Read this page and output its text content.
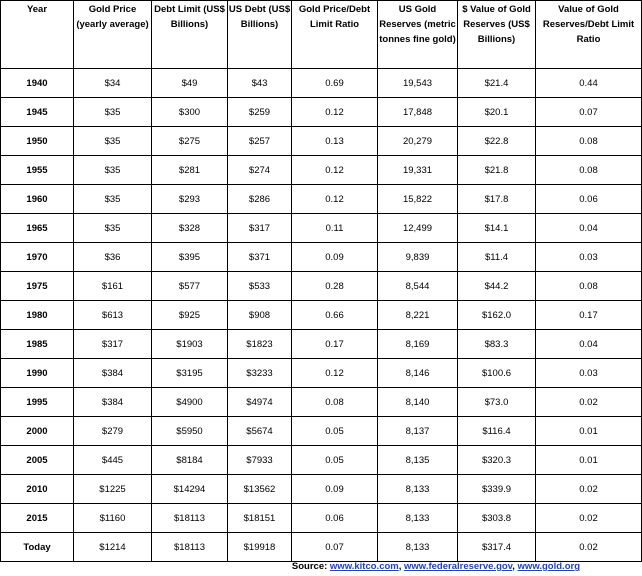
Year	Gold Price (yearly average)	Debt Limit (US$ Billions)	US Debt (US$ Billions)	Gold Price/Debt Limit Ratio	US Gold Reserves (metric tonnes fine gold)	$ Value of Gold Reserves (US$ Billions)	Value of Gold Reserves/Debt Limit Ratio
1940	$34	$49	$43	0.69	19,543	$21.4	0.44
1945	$35	$300	$259	0.12	17,848	$20.1	0.07
1950	$35	$275	$257	0.13	20,279	$22.8	0.08
1955	$35	$281	$274	0.12	19,331	$21.8	0.08
1960	$35	$293	$286	0.12	15,822	$17.8	0.06
1965	$35	$328	$317	0.11	12,499	$14.1	0.04
1970	$36	$395	$371	0.09	9,839	$11.4	0.03
1975	$161	$577	$533	0.28	8,544	$44.2	0.08
1980	$613	$925	$908	0.66	8,221	$162.0	0.17
1985	$317	$1903	$1823	0.17	8,169	$83.3	0.04
1990	$384	$3195	$3233	0.12	8,146	$100.6	0.03
1995	$384	$4900	$4974	0.08	8,140	$73.0	0.02
2000	$279	$5950	$5674	0.05	8,137	$116.4	0.01
2005	$445	$8184	$7933	0.05	8,135	$320.3	0.01
2010	$1225	$14294	$13562	0.09	8,133	$339.9	0.02
2015	$1160	$18113	$18151	0.06	8,133	$303.8	0.02
Today	$1214	$18113	$19918	0.07	8,133	$317.4	0.02
Source: www.kitco.com, www.federalreserve.gov, www.gold.org
